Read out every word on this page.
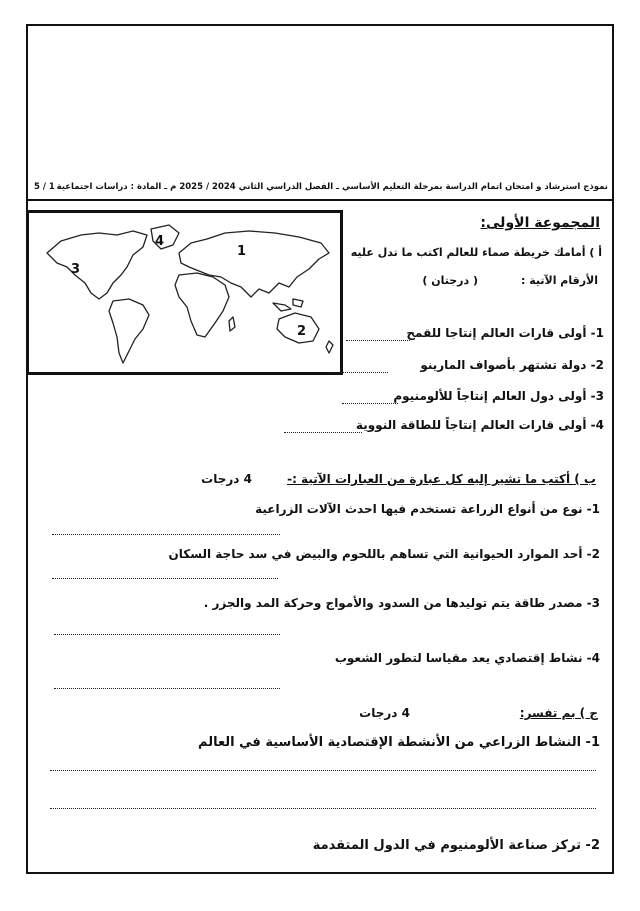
نموذج استرشاد و امتحان اتمام الدراسة بمرحلة التعليم الأساسي ـ الفصل الدراسي الثاني 2024 / 2025 م ـ المادة : دراسات اجتماعية
5 / 1
1
2
3
4
المجموعة الأولى:
أ ) أمامك خريطة صماء للعالم اكتب ما تدل عليه
الأرقام الآتية :
( درجتان )
1- أولى قارات العالم إنتاجا للقمح
2- دولة تشتهر بأصواف المارينو
3- أولى دول العالم إنتاجاً للألومنيوم
4- أولى قارات العالم إنتاجاً للطاقة النووية
ب ) أكتب ما تشير إليه كل عبارة من العبارات الآتية :-
4 درجات
1- نوع من أنواع الزراعة تستخدم فيها احدث الآلات الزراعية
2- أحد الموارد الحيوانية التي تساهم باللحوم والبيض في سد حاجة السكان
3- مصدر طاقة يتم توليدها من السدود والأمواج وحركة المد والجزر .
4- نشاط إقتصادي يعد مقياسا لتطور الشعوب
ج ) بم تفسر:
4 درجات
1- النشاط الزراعي من الأنشطة الإقتصادية الأساسية في العالم
2- تركز صناعة الألومنيوم في الدول المتقدمة
